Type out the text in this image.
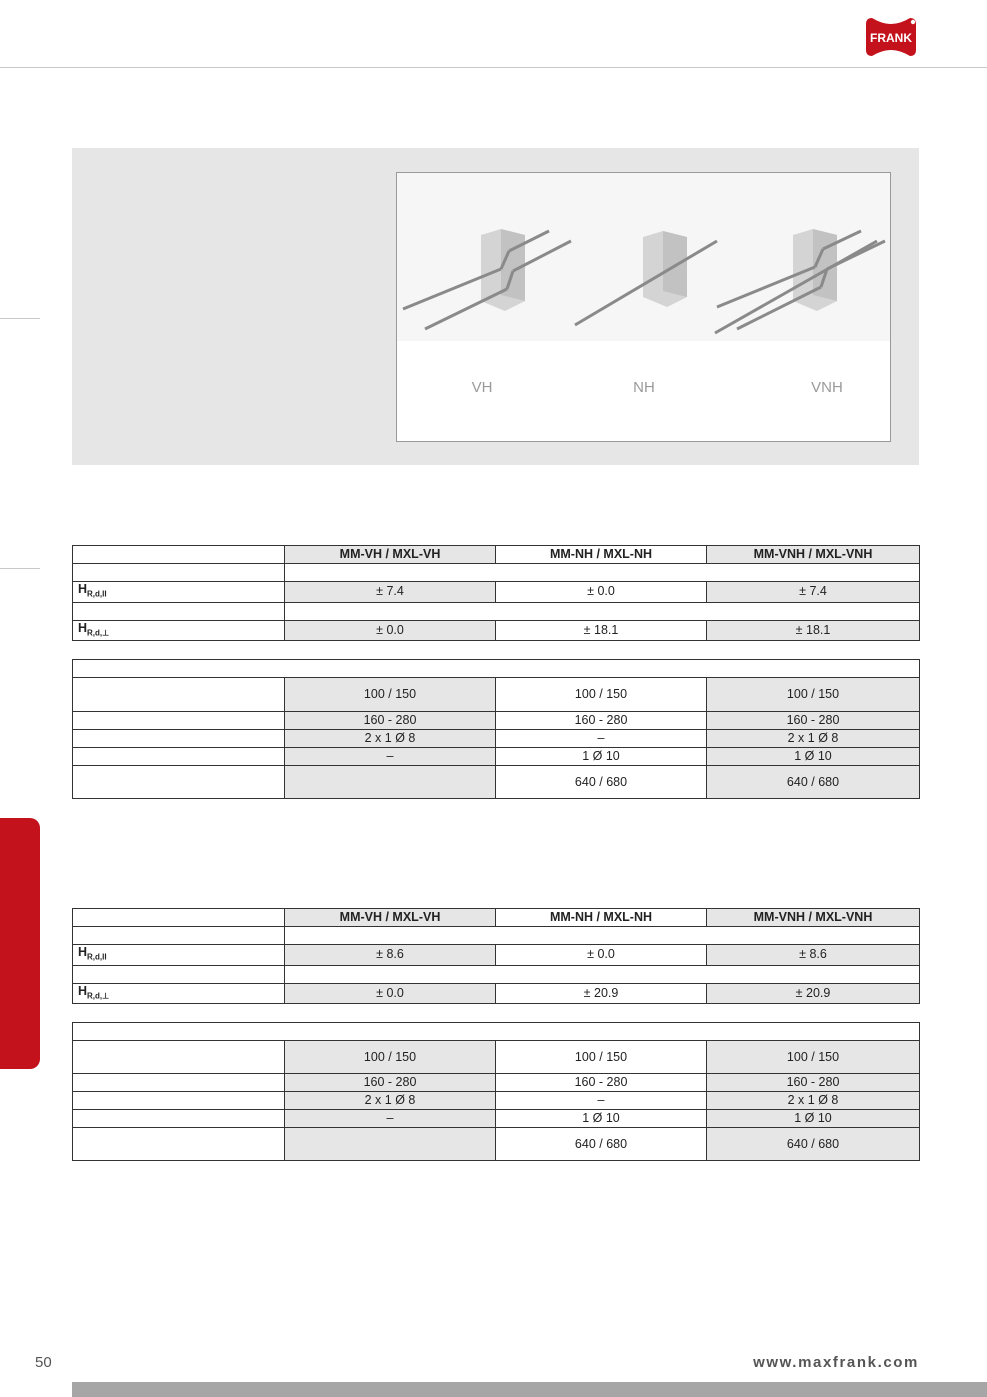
FRANK
VH	NH	VNH
	MM-VH / MXL-VH	MM-NH / MXL-NH	MM-VNH / MXL-VNH

$H_{R,d,II}$	± 7.4	± 0.0	± 7.4

$H_{R,d,\perp}$	± 0.0	± 18.1	± 18.1

	100 / 150	100 / 150	100 / 150
	160 - 280	160 - 280	160 - 280
	2 x 1 Ø 8	–	2 x 1 Ø 8
	–	1 Ø 10	1 Ø 10
		640 / 680	640 / 680
	MM-VH / MXL-VH	MM-NH / MXL-NH	MM-VNH / MXL-VNH

$H_{R,d,II}$	± 8.6	± 0.0	± 8.6

$H_{R,d,\perp}$	± 0.0	± 20.9	± 20.9

	100 / 150	100 / 150	100 / 150
	160 - 280	160 - 280	160 - 280
	2 x 1 Ø 8	–	2 x 1 Ø 8
	–	1 Ø 10	1 Ø 10
		640 / 680	640 / 680
50	www.maxfrank.com
